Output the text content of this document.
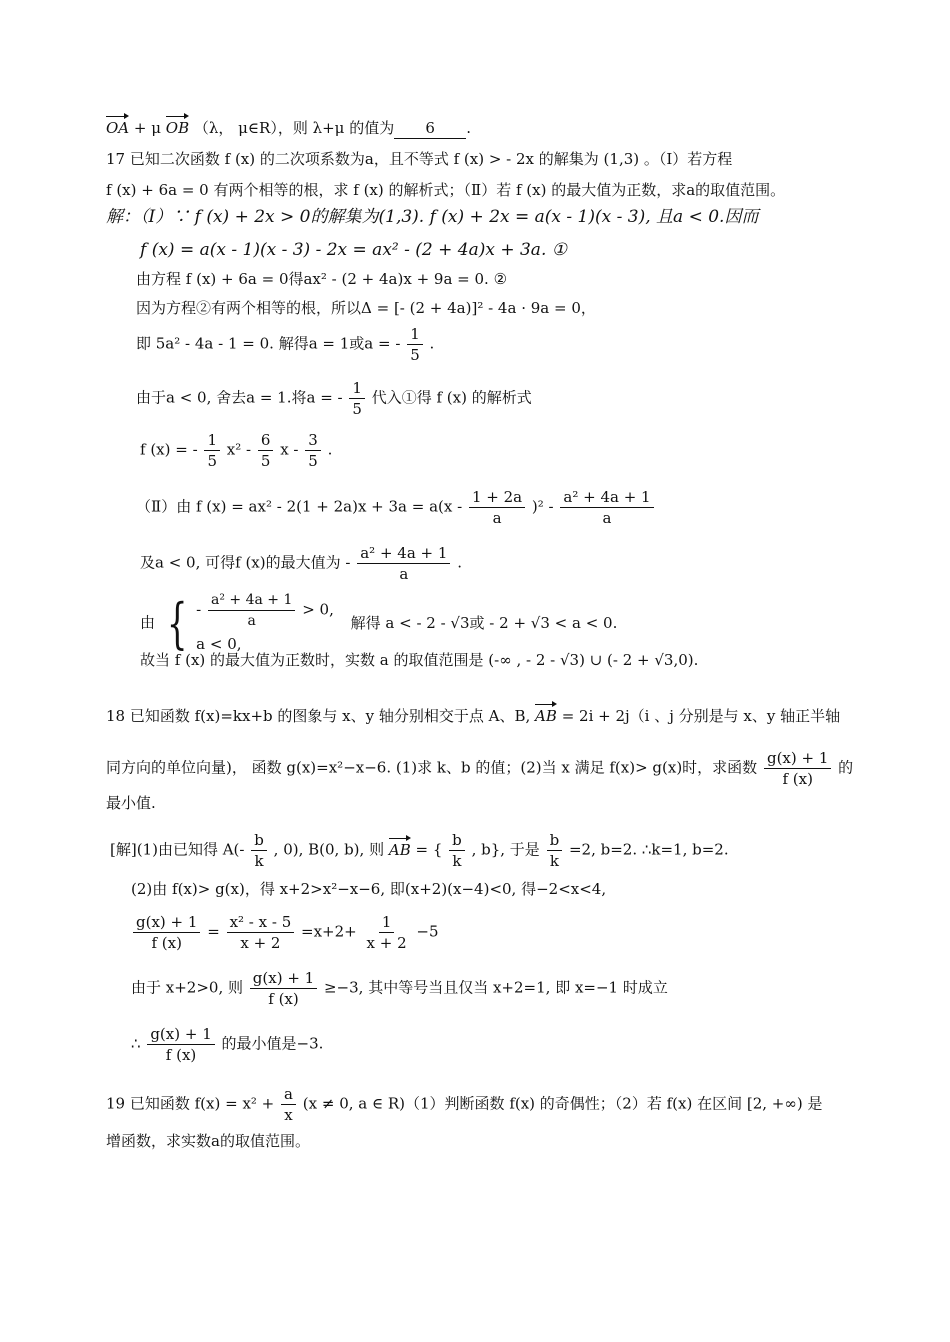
OA + μ OB （λ， μ∈R），则 λ+μ 的值为 6 .
17 已知二次函数 f (x) 的二次项系数为a，且不等式 f (x) > - 2x 的解集为 (1,3) 。（Ⅰ）若方程
f (x) + 6a = 0 有两个相等的根，求 f (x) 的解析式；（Ⅱ）若 f (x) 的最大值为正数，求a的取值范围。
解：（Ⅰ）∵ f (x) + 2x > 0的解集为(1,3). f (x) + 2x = a(x - 1)(x - 3), 且a < 0.因而
f (x) = a(x - 1)(x - 3) - 2x = ax² - (2 + 4a)x + 3a. ①
由方程 f (x) + 6a = 0得ax² - (2 + 4a)x + 9a = 0. ②
因为方程②有两个相等的根，所以Δ = [- (2 + 4a)]² - 4a · 9a = 0，
即 5a² - 4a - 1 = 0. 解得a = 1或a = - $\frac{1}{5}$ .
由于a < 0, 舍去a = 1.将a = - $\frac{1}{5}$ 代入①得 f (x) 的解析式
f (x) = - $\frac{1}{5} x^2 - \frac{6}{5}$ x - $\frac{3}{5}$ .
（Ⅱ）由 f $(x) = ax^2 - 2(1 + 2a)x + 3a = a(x - \frac{1 + 2a}{a} )^2 - \frac{\text{a² + 4a + 1}}{a}$
及a < 0, 可得f (x)的最大值为 - $\frac{\text{a² + 4a + 1}}{a}$ .
由 { - $\frac{\text{a² + 4a + 1}}{a} > 0$,
a < 0,
解得 a < - 2 - √3或 - 2 + √3 < a < 0.
故当 f (x) 的最大值为正数时，实数 a 的取值范围是 (-∞ , - 2 - √3) ∪ (- 2 + √3,0).
18 已知函数 f(x)=kx+b 的图象与 x、y 轴分别相交于点 A、B, AB = 2i + 2j（i 、j 分别是与 x、y 轴正半轴
同方向的单位向量)， 函数 g(x)=x²−x−6. (1)求 k、b 的值；(2)当 x 满足 f(x)> g(x)时，求函数 $\frac{g(x) + 1}{f (x)}$ 的
最小值.
[解](1)由已知得 $A(- \frac{b}{k}$ , 0), B(0, b), 则 AB = { $\frac{b}{k}$ , b}, 于是 $\frac{b}{k} =2$, b=2. ∴k=1, b=2.
(2)由 f(x)> g(x)，得 x+2>x²−x−6, 即(x+2)(x−4)<0, 得−2<x<4,
$\frac{g(x) + 1}{f (x)} = \frac{\text{x² - x - 5}}{x + 2} =x+2+ \frac{1}{x + 2} -5$
由于 x+2>0, 则 $\frac{g(x) + 1}{f (x)} \ge-3$, 其中等号当且仅当 x+2=1, 即 x=−1 时成立
∴ $\frac{g(x) + 1}{f (x)}$ 的最小值是−3.
19 已知函数 $f(x) = x^2 + \frac{a}{x} (x \ne 0$, a ∈ R)（1）判断函数 f(x) 的奇偶性；（2）若 f(x) 在区间 [2, +∞) 是
增函数，求实数a的取值范围。
